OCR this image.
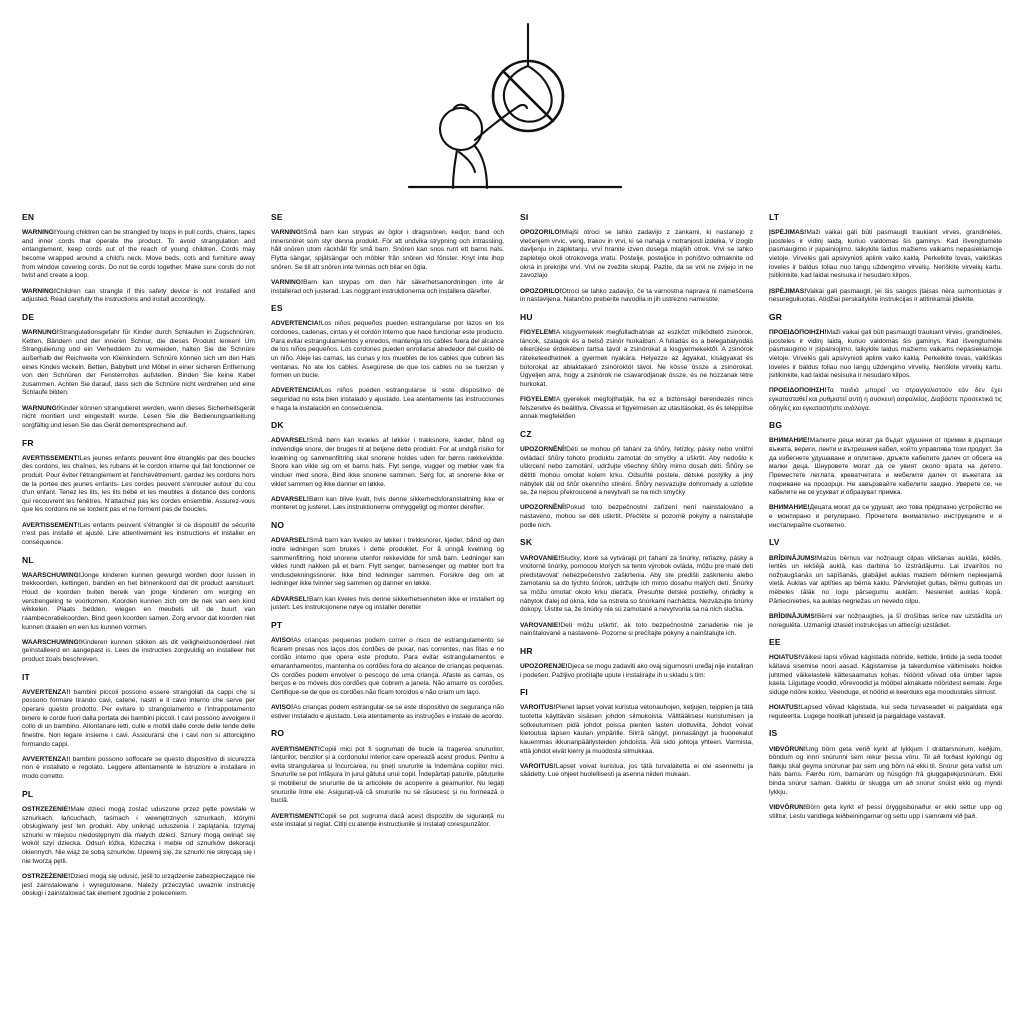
EN

WARNING!Young children can be strangled by loops in pull cords, chains, tapes and inner cords that operate the product. To avoid strangulation and entanglement, keep cords out of the reach of young children. Cords may become wrapped around a child's neck. Move beds, cots and furniture away from window covering cords. Do not tie cords together. Make sure cords do not twist and create a loop.

WARNING!Children can strangle if this safety device is not installed and adjusted. Read carefully the instructions and install accordingly.

DE

WARNUNG!Strangulationsgefahr für Kinder durch Schlaufen in Zugschnüren, Ketten, Bändern und der inneren Schnur, die dieses Produkt lenken! Um Strangulierung und ein Verheddern zu vermeiden, halten Sie die Schnüre außerhalb der Reichweite von Kleinkindern. Schnüre können sich um den Hals eines Kindes wickeln. Betten, Babybett und Möbel in einer sicheren Entfernung von den Schnüren der Fensterrollos aufstellen. Binden Sie keine Kabel zusammen. Achten Sie darauf, dass sich die Schnüre nicht verdrehen und eine Schlaufe bilden.

WARNUNG!Kinder können strangulieret werden, wenn dieses Sicherheitsgerät nicht montiert und eingestellt wurde. Lesen Sie die Bedienungsanleitung sorgfältig und lesen Sie das Gerät dementsprechend auf.

FR

AVERTISSEMENT!Les jeunes enfants peuvent être étranglés par des boucles des cordons, les chaînes, les rubans et le cordon interne qui fait fonctionner ce produit. Pour éviter l'étranglement et l'enchevêtrement, gardez les cordons hors de la portée des jeunes enfants- Les cordes peuvent s'enrouler autour du cou d'un enfant. Tenez les lits, les lits bébé et les meubles à distance des cordons qui recouvrent les fenêtres. N'attachez pas les cordes ensemble. Assurez-vous que les cordons ne se tordent pas et ne forment pas de boucles.

AVERTISSEMENT!Les enfants peuvent s'étrangler si ce dispositif de sécurité n'est pas installé et ajusté. Lire attentivement les instructions et installer en conséquence.

NL

WAARSCHUWING!Jonge kinderen kunnen gewurgd worden door lussen in trekkoorden, kettingen, banden en het binnenkoord dat dit product aanstuurt. Houd de koorden buiten bereik van jonge kinderen om wurging en verstrengeling te voorkomen. Koorden kunnen zich om de nek van een kind wikkelen. Plaats bedden, wiegen en meubels uit de buurt van raambecoratiekoorden. Bind geen koorden samen. Zorg ervoor dat koorden niet kunnen draaien en een lus kunnen vormen.

WAARSCHUWING!Kinderen kunnen stikken als dit veiligheidsonderdeel niet geïnstalleerd en aangepast is. Lees de instructies zorgvuldig en installeer het product zoals beschreven.

IT

AVVERTENZA!I bambini piccoli possono essere strangolati da cappi che si possono formare tirando cavi, catene, nastri e il cavo interno che serve per operare questo prodotto. Per evitare lo strangolamento e l'intrappolamento tenere le corde fuori dalla portata dei bambini piccoli. I cavi possono avvolgere il collo di un bambino. Allontanare letti, culle e mobili dalle corde delle tende delle finestre. Non legare insieme i cavi. Assicurarsi che i cavi non si attorciglino formando cappi.

AVVERTENZA!I bambini possono soffocare se questo dispositivo di sicurezza non è installato e regolato. Leggere attentamente le istruzioni e installare in modo corretto.

PL

OSTRZEŻENIE!Małe dzieci mogą zostać uduszone przez pętle powstałe w sznurkach, łańcuchach, taśmach i wewnętrznych sznurkach, którymi obsługiwany jest ten produkt. Aby uniknąć uduszenia i zaplątania, trzymaj sznurki w miejscu niedostępnym dla małych dzieci. Sznury mogą owinąć się wokół szyi dziecka. Odsuń łóżka, łóżeczka i meble od sznurków dekoracji okiennych. Nie wiąż ze sobą sznurków. Upewnij się, że sznurki nie skręcają się i nie tworzą pętli.

OSTRZEŻENIE!Dzieci mogą się udusić, jeśli to urządzenie zabezpieczające nie jest zainstalowane i wyregulowane. Należy przeczytać uważnie instrukcję obsługi i zainstalować tak element zgodnie z poleceniem.

SE

VARNING!Små barn kan strypas av öglor i dragsnören, kedjor, band och innersnöret som styr denna produkt. För att undvika strypning och intrassling, håll snören utom räckhåll för små barn. Snören kan snos runt ett barns hals. Flytta sängar, spjälsängar och möbler från snören vid fönster. Knyt inte ihop snören. Se till att snören inte tvinnas och bilar en ögla.

VARNING!Barn kan strypas om den här säkerhetsanordningen inte är installerad och justerad. Las noggrant instruktionerna och installera därefter.

ES

ADVERTENCIA!Los niños pequeños pueden estrangularse por lazos en los cordones, cadenas, cintas y el cordón interno que hace funcionar este producto. Para evitar estrangulamientos y enredos, mantenga los cables fuera del alcance de los niños pequeños. Los cordones pueden enrollarse alrededor del cuello de un niño. Aleje las camas, las cunas y los muebles de los cables que cubren las ventanas. No ate los cables. Asegúrese de que los cables no se tuerzan y formen un bucle.

ADVERTENCIA!Los niños pueden estrangularse si este dispositivo de seguridad no esta bien instalado y ajustado. Lea atentamente las instrucciones e haga la instalación en consecuencia.

DK

ADVARSEL!Små børn kan kvæles af løkker i træksnore, kæder, bånd og indvendige snore, der bruges til at betjene dette produkt. For at undgå risiko for kvælning og sammenfiltring skal snorene holdes uden for børns rækkevidde. Snore kan vikle sig om et barns hals. Flyt senge, vugger og møbler væk fra vinduer med snore. Bind ikke snorene sammen. Sørg for, at snorene ikke er viklet sammen og ikke danner en løkke.

ADVARSEL!Børn kan blive kvalt, hvis denne sikkerhedsforanstaltning ikke er monteret og justeret. Læs instruktionerne omhyggeligt og monter derefter.

NO

ADVARSEL!Små barn kan kveles av løkker i trekksnorer, kjeder, bånd og den indre ledningen som brukes i dette produktet. For å unngå kvelning og sammenfiltring, hold snorene utenfor rekkevidde for små barn. Ledninger kan vikles rundt nakken på et barn. Flytt senger, barnesenger og møbler bort fra vindusdekningssnorer. Ikke bind ledninger sammen. Forsikre deg om at ledninger ikke tvinner seg sammen og danner en løkke.

ADVARSEL!Barn kan kveles hvis denne sikkerhetsenheten ikke er installert og justert. Les instruksjonene nøye og installer deretter

PT

AVISO!As crianças pequenas podem correr o risco de estrangulamento se ficarem presas nos laços dos cordões de puxar, nas correntes, nas fitas e no cordão interno que opera este produto. Para evitar estrangulamentos e emaranhamentos, mantenha os cordões fora do alcance de crianças pequenas. Os cordões podem envolver o pescoço de uma criança. Afaste as camas, os berços e os móveis dos cordões que cobrem a janela. Não amarre os cordões. Certifique-se de que os cordões não ficam torcidos e não criam um laço.

AVISO!As crianças podem estrangular-se se este dispositivo de segurança não estiver instalado e ajustado. Leia atentamente as instruções e instale de acordo.

RO

AVERTISMENT!Copiii mici pot fi sugrumați de bucle la tragerea snururilor, lanțurilor, benzilor și a cordonului interior care operează acest produs. Pentru a evita strangularea și încurcarea, nu țineți snururile la îndemâna copiilor mici. Snururile se pot înfășura în jurul gâtului unui copil. Îndepărtați paturile, pătuțurile și mobilierul de snururile de la articolele de acoperire a geamurilor. Nu legați snururile între ele. Asigurați-vă că snururile nu se răsucesc și nu formează o buclă.

AVERTISMENT!Copiii se pot sugruma dacă acest dispozitiv de siguranță nu este instalat și reglat. Citiți cu atenție instrucțiunile și instalați corespunzător.

SI

OPOZORILO!Mlajši otroci se lahko zadavijo z zankami, ki nastanejo z vlečenjem vrvic, verig, trakov in vrvi, ki se nahaja v notranjosti izdelka. V izogib davljenju in zapletanju, vrvi hranite izven dosega mlajših otrok. Vrvi se lahko zapletejo okoli otrokovega vratu. Postelje, posteljice in pohištvo odmaknite od okna in prekrijte vrvi. Vrvi ne zvežite skupaj. Pazite, da se vrvi ne zvijejo in ne zavozlajo

OPOZORILO!Otroci se lahko zadavijo, če ta varnostna naprava ni nameščena in nastavljena. Natančno preberite navodila in jih ustrezno namestite.

HU

FIGYELEM!A kisgyermekek megfulladhatnak az eszközt működtető zsinórok, láncok, szalagok és a belső zsinór hurkaiban. A fulladás és a belegabalyodás elkerülése érdekében tartsa távol a zsinórokat a kisgyermekektől. A zsinórok ráteketeedhetnek a gyermek nyakára. Helyezze az ágyakat, kiságyakat és bútorokat az ablaktakaró zsinóroktól távol. Ne kösse össze a zsinórokat. Ügyeljen arra, hogy a zsinórok ne csavarodjanak össze, és ne hozzanak létre hurkokat.

FIGYELEM!A gyerekek megfojthatják, ha ez a biztonsági berendezés nincs felszerelve és beállítva. Olvassa el figyelmesen az utasításokat, és és teleppítse annak megfelelően

CZ

UPOZORNĚNÍ!Děti se mohou při tahání za šňůry, řetízky, pásky nebo vnitřní ovládací šňůry tohoto produktu zamotat do smyčky a uškrtit. Aby nedošlo k uškrcení nebo zamotání, udržujte všechny šňůry mimo dosah dětí. Šňůry se dětitti mohou omotat kolem krku. Odsuňte postele, dětské postýlky a jiný nábytek dál od šňůr okenního stínění. Šňůry nesvazujte dohromady a uzlotkte se, že nejsou překroucené a nevytvaří se na nich smyčky

UPOZORNĚNÍ!Pokud toto bezpečnostní zařízení není nainstalováno a nastaveno, mohou se děti uškrtit. Přečtěte si pozorně pokyny a nainstalujte podle nich.

SK

VAROVANIE!Slučky, ktoré sa vytvárajú pri ťahaní za šnúrky, reťiazky, pásky a vnútorné šnúrky, pomocou ktorých sa tento výrobok ovláda, môžu pre malé deti predstavovať nebezpečenstvo zaškrtenia. Aby ste predišli zaškrteniu alebo zamotaniu sa do týchto šnúrok, udržujte ich mimo dosahu malých detí. Šnúrky sa môžu omotať okolo krku dieťaťa. Presuňte detské postieľky, ohrádky a nábytok ďalej od okna, kde sa nstrela so šnúrkami nachádza. Nezväzujte šnúrky dokopy. Uistite sa, že šnúrky nie sú zamotané a nevytvorila sa na nich slučka.

VAROVANIE!Deti môžu uškrtiť, ak toto bezpečnostné zariadenie nie je nainštalované a nastavené- Pozorne si prečítajte pokyny a nainštalujte ich.

HR

UPOZORENJE!Djeca se mogu zadaviti ako ovaj sigurnosni uređaj nije instaliran i podešen. Pažljivo pročitajte upute i instalirajte ih u skladu s tim:

FI

VAROITUS!Pienet lapset voivat kuristua vetonauhojen, ketjujen, teippien ja tätä tuotetta käyttävän sisäisen johdon silmukoista. Välttääksesi kuristumisen ja sotkeutumisen pidä johdot poissa pienten lasten ulottuvilta. Johdot voivat kietoutua lapsen kaulan ympärille. Siirrä sängyt, pinnasängyt ja huonekalut kauemmas ikkunanpäällysteiden johdoista. Älä sido johtoja yhteen. Varmista, että johdot eivät kierry ja muodosta silmukkaa.

VAROITUS!Lapset voivat kuristua, jos tätä turvalaitetta ei ole asennettu ja säädetty. Lue ohjeet huolellisesti ja asenna niiden mukaan.

LT

ĮSPĖJIMAS!Maži vaikai gali būti pasmaugti traukiant virves, grandinėles, juosteles ir vidinį laidą, kuriuo valdomas šis gaminys. Kad išvengtumėte pasmaugimo ir įsipainiojimo, laikykite laidus mažiems vaikams nepasiekiamoje vietoje. Virvelės gali apsivynioti aplink vaiko kaklą. Perkelkite lovas, vaikiškas loveles ir baldus toliau nuo langų uždengimo virvelių. Neriškite virvelių kartu. Įsitikinkite, kad laidai nesisuka ir nesudaro kilpos.

ĮSPĖJIMAS!Vaikai gali pasmaugti, jei šis saugos įtaisas nėra sumontuotas ir nesureguliuotas. Atidžiai perskaitykite instrukcijas ir atitinkamai įdiekite.

GR

ΠΡΟΕΙΔΟΠΟΙΗΣΗ!Maži vaikai gali būti pasmaugti traukiant virves, grandinėles, juosteles ir vidinį laidą, kuriuo valdomas šis gaminys. Kad išvengtumėte pasmaugimo ir įsipainiojimo, laikykite laidus mažiems vaikams nepasiekiamoje vietoje. Virvelės gali apsivynioti aplink vaiko kaklą. Perkelkite lovas, vaikiškas loveles ir baldus toliau nuo langų uždengimo virvelių. Neriškite virvelių kartu. Įsitikinkite, kad laidai nesisuka ir nesudaro kilpos.

ΠΡΟΕΙΔΟΠΟΙΗΣΗ!Τα παιδιά μπορεί να στραγγαλιστούν εάν δεν έχει εγκατασταθεί και ρυθμιστεί αυτή η συσκευή ασφαλείας. Διαβάστε προσεκτικά τις οδηγίες και εγκαταστήστε ανάλογα.

BG

ВНИМАНИЕ!Малките деца могат да бъдат удушени от примки в дърпащи въжета, вериги, ленти и вътрешния кабел, който управлява този продукт. За да избегнете удушаване и оплитане, дръжте кабелите далеч от обсега на малки деца. Шнуровете могат да се увият около врата на детето. Преместете леглата, креватчетата и мебелите далеч от въжетата за покриване на прозорци. Не завързвайте кабелите заедно. Уверете се, че кабелите не се усукват и образуват примка.

ВНИМАНИЕ!Децата могат да се удушат, ако това предпазно устройство не е монтирано и регулирано. Прочетете внимателно инструкциите и я инсталирайте съответно.

LV

BRĪDINĀJUMS!Mazus bērnus var nožņaugt cilpas vilkšanas auklās, ķēdēs, lentēs un iekšējā auklā, kas darbina šo izstrādājumu. Lai izvairītos no nožņaugšanās un sapīšanās, glabājiet auklas maziem bērniem nepieejamā vietā. Auklas var aptīties ap bērna kaklu. Pārvietojiet gultas, bērnu gultiņas un mēbeles tālāk no logu pārsegumu auklām. Nesieniet auklas kopā. Pārliecinieties, ka auklas negriežas un nevedo cilpu.

BRĪDINĀJUMS!Bērni var nožņaugties, ja šī drošības ierīce nav uzstādīta un noregulēta. Uzmanīgi izlasiet instrukcijas un attiecīgi uzstādiet.

EE

HOIATUS!Väikesi lapsi võivad kägistada nööride, kettide, lintide ja seda toodet käitava sisemise noori aasad. Kägistamise ja takerdumise vältimiseks hoidke juhtmed väikelastele kättesaamatus kohas. Nöörid võivad olla ümber lapse kaela. Liigutage voodid, võrevoodid ja mööbel aknakatte nööridest eemale. Ärge siduge nööre kokku. Veenduge, et nöörid ei keerduks ega moodustaks silmust.

HOIATUS!Lapsed võivad kägistada, kui seda turvaseadet ei paigaldata ega reguleerita. Lugege hoolikalt juhiseid ja paigaldage vastavalt.

IS

VIÐVÖRUN!Ung börn geta verið kyrkt af lykkjum í dráttarsnúrum, keðjum, böndum og innri snúrunni sem rekur þessa vöru. Til að forðast kyrkingu og flækju skal geyma snúrunar þar sem ung börn ná ekki til. Snúrur geta vafist um háls barns. Færðu rúm, barnarúm og húsgögn frá gluggaþekjusnúrum. Ekki binda snúrur saman. Gakktu úr skugga um að snúrur snúist ekki og myndi lykkju.

VIÐVÖRUN!Börn geta kyrkt ef þessi öryggisbúnaður er ekki settur upp og stilltur. Lestu vandlega leiðbeiningarnar og settu upp í samræmi við það.
